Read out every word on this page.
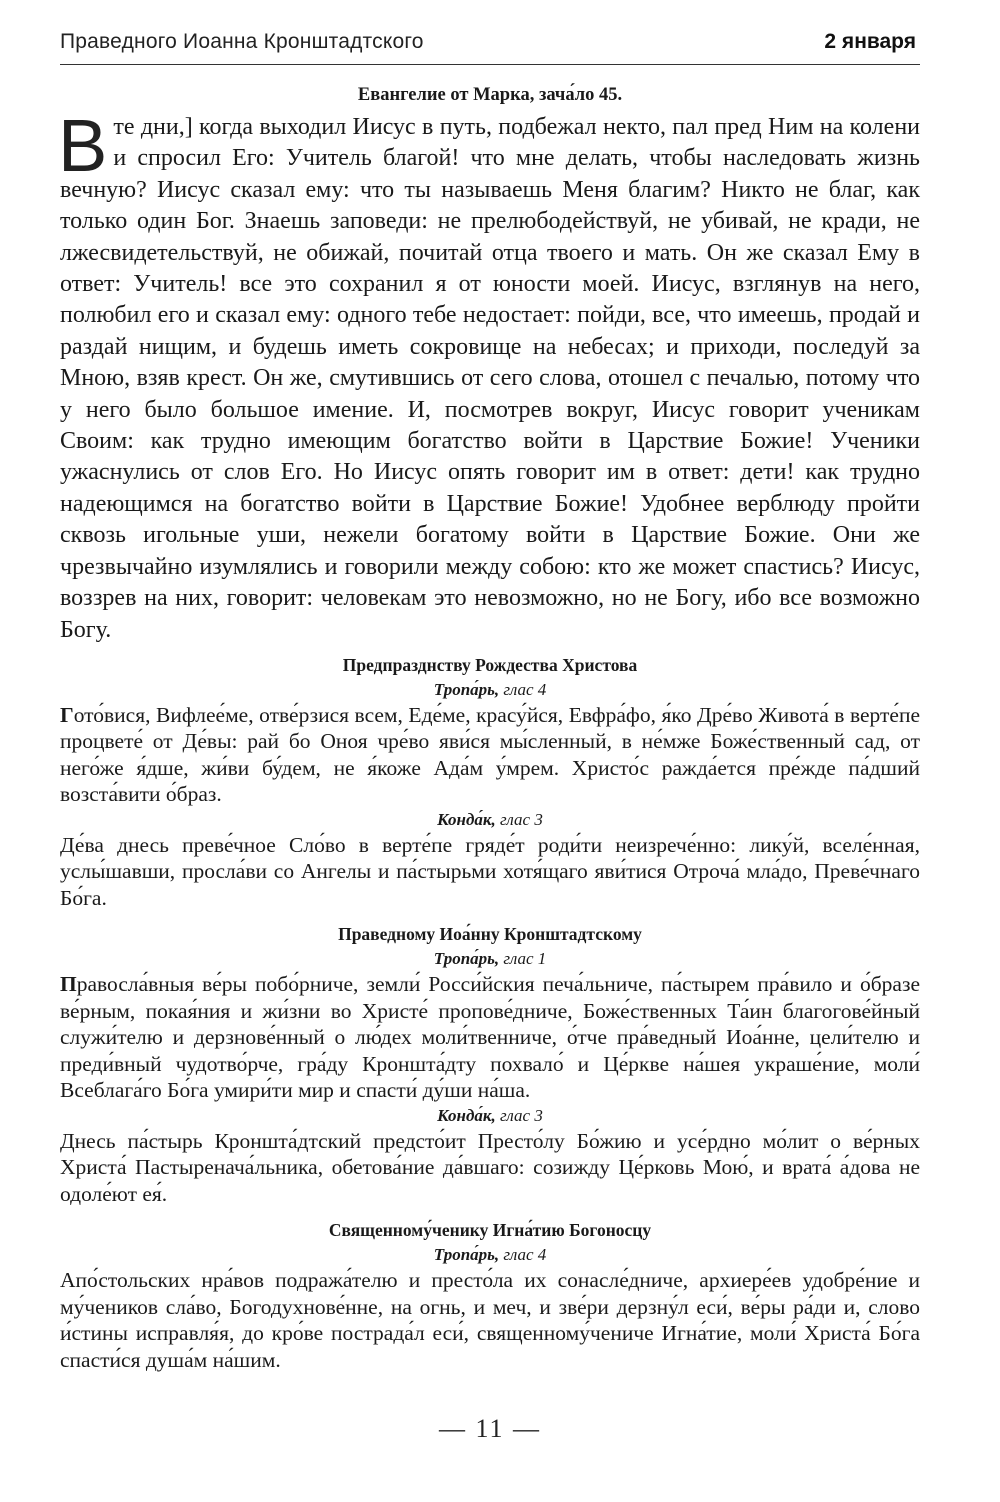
Праведного Иоанна Кронштадтского	2 января

Евангелие от Марка, зача́ло 45.

В те дни,] когда выходил Иисус в путь, подбежал некто, пал пред Ним на колени и спросил Его: Учитель благой! что мне делать, чтобы наследовать жизнь вечную? Иисус сказал ему: что ты называешь Меня благим? Никто не благ, как только один Бог. Знаешь заповеди: не прелюбодействуй, не убивай, не кради, не лжесвидетельствуй, не обижай, почитай отца твоего и мать. Он же сказал Ему в ответ: Учитель! все это сохранил я от юности моей. Иисус, взглянув на него, полюбил его и сказал ему: одного тебе недостает: пойди, все, что имеешь, продай и раздай нищим, и будешь иметь сокровище на небесах; и приходи, последуй за Мною, взяв крест. Он же, смутившись от сего слова, отошел с печалью, потому что у него было большое имение. И, посмотрев вокруг, Иисус говорит ученикам Своим: как трудно имеющим богатство войти в Царствие Божие! Ученики ужаснулись от слов Его. Но Иисус опять говорит им в ответ: дети! как трудно надеющимся на богатство войти в Царствие Божие! Удобнее верблюду пройти сквозь игольные уши, нежели богатому войти в Царствие Божие. Они же чрезвычайно изумлялись и говорили между собою: кто же может спастись? Иисус, воззрев на них, говорит: человекам это невозможно, но не Богу, ибо все возможно Богу.

Предпразднству Рождества Христова

Тропа́рь, глас 4

Гото́вися, Вифлее́ме, отве́рзися всем, Еде́ме, красу́йся, Евфра́фо, я́ко Дре́во Живота́ в верте́пе процвете́ от Де́вы: рай бо Оноя чре́во яви́ся мы́сленный, в не́мже Боже́ственный сад, от него́же я́дше, жи́ви бу́дем, не я́коже Ада́м у́мрем. Христо́с ражда́ется пре́жде па́дший возста́вити о́браз.

Конда́к, глас 3

Де́ва днесь преве́чное Сло́во в верте́пе гряде́т роди́ти неизрече́нно: лику́й, вселе́нная, услы́шавши, просла́ви со Ангелы и па́стырьми хотя́щаго яви́тися Отроча́ мла́до, Преве́чнаго Бо́га.

Праведному Иоа́нну Кронштадтскому

Тропа́рь, глас 1

Правосла́вныя ве́ры побо́рниче, земли́ Росси́йския печа́льниче, па́стырем пра́вило и о́бразе ве́рным, покая́ния и жи́зни во Христе́ пропове́дниче, Боже́ственных Та́ин благогове́йный служи́телю и дерзнове́нный о лю́дех моли́твенниче, о́тче пра́ведный Иоа́нне, цели́телю и преди́вный чудотво́рче, гра́ду Кроншта́дту похвало́ и Це́ркве на́шея украше́ние, моли́ Всеблага́го Бо́га умири́ти мир и спасти́ ду́ши на́ша.

Конда́к, глас 3

Днесь па́стырь Кроншта́дтский предсто́ит Престо́лу Бо́жию и усе́рдно мо́лит о ве́рных Христа́ Пастыренача́льника, обетова́ние да́вшаго: созижду Це́рковь Мою́, и врата́ а́дова не одоле́ют ея́.

Священному́ченику Игна́тию Богоносцу

Тропа́рь, глас 4

Апо́стольских нра́вов подража́телю и престо́ла их сонасле́дниче, архиере́ев удобре́ние и му́чеников сла́во, Богодухнове́нне, на огнь, и меч, и зве́ри дерзну́л еси́, ве́ры ра́ди и, слово и́стины исправля́я, до кро́ве пострада́л еси́, священному́чениче Игна́тие, моли́ Христа́ Бо́га спасти́ся душа́м на́шим.

— 11 —
